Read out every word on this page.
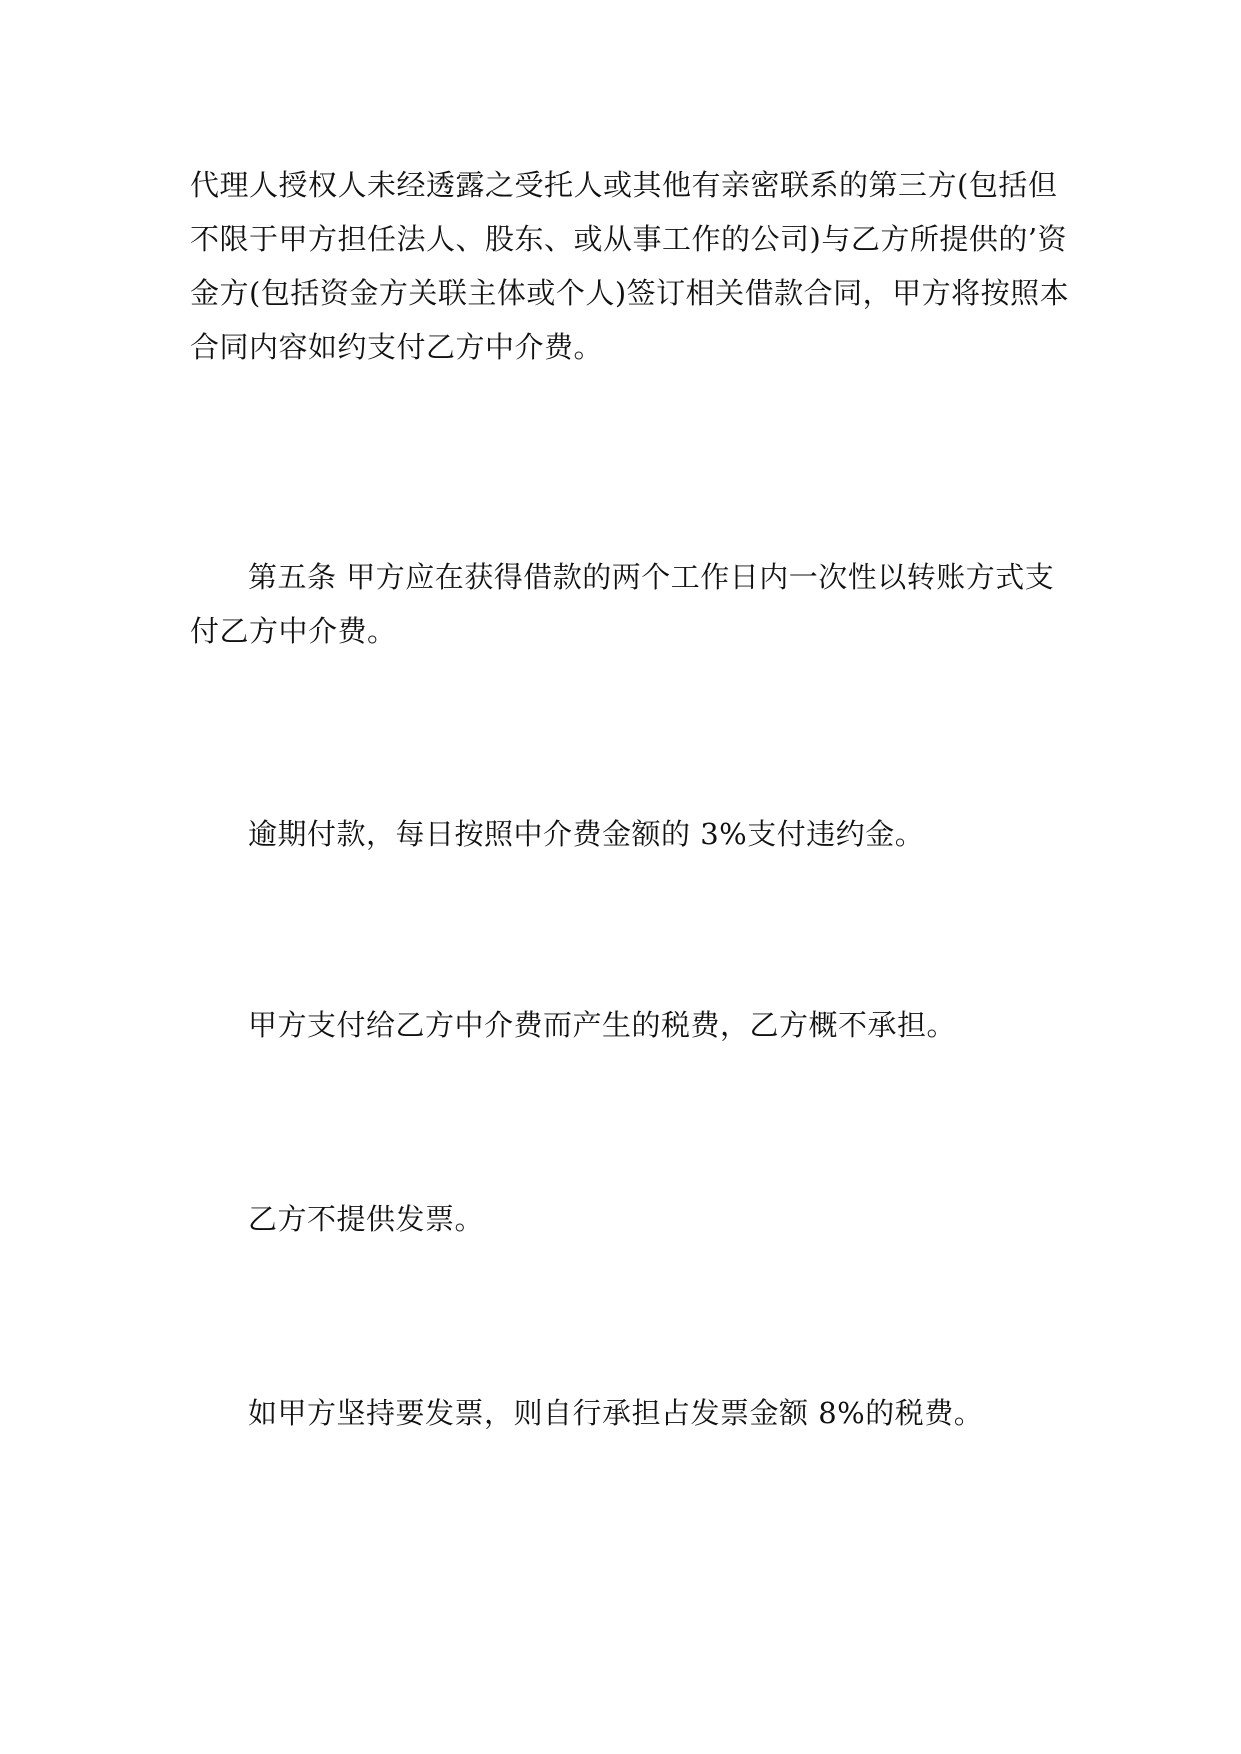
代理人授权人未经透露之受托人或其他有亲密联系的第三方(包括但
不限于甲方担任法人、股东、或从事工作的公司)与乙方所提供的’资
金方(包括资金方关联主体或个人)签订相关借款合同，甲方将按照本
合同内容如约支付乙方中介费。
第五条 甲方应在获得借款的两个工作日内一次性以转账方式支
付乙方中介费。
逾期付款，每日按照中介费金额的 3%支付违约金。
甲方支付给乙方中介费而产生的税费，乙方概不承担。
乙方不提供发票。
如甲方坚持要发票，则自行承担占发票金额 8%的税费。
